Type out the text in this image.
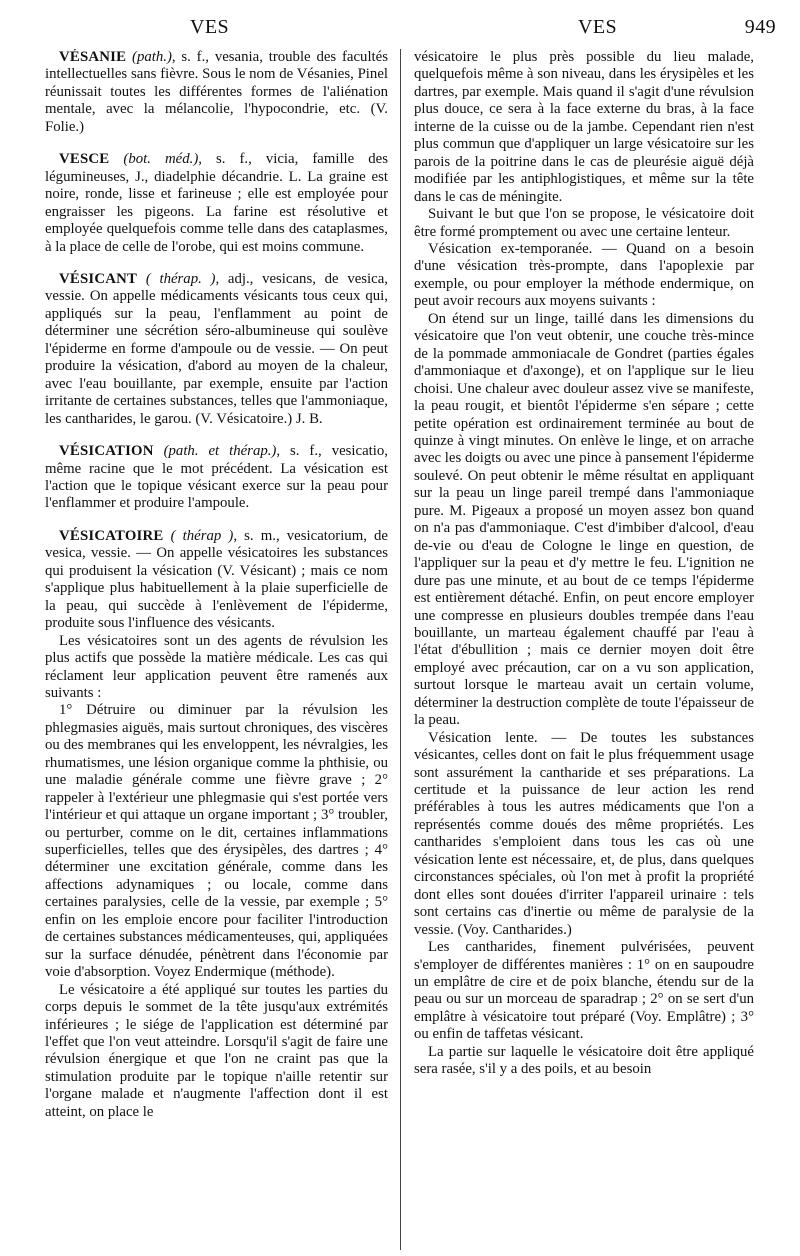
VES	VES	949

VÉSANIE (path.), s. f., vesania, trouble des facultés intellectuelles sans fièvre. Sous le nom de Vésanies, Pinel réunissait toutes les différentes formes de l'aliénation mentale, avec la mélancolie, l'hypocondrie, etc. (V. Folie.)

VESCE (bot. méd.), s. f., vicia, famille des légumineuses, J., diadelphie décandrie. L. La graine est noire, ronde, lisse et farineuse ; elle est employée pour engraisser les pigeons. La farine est résolutive et employée quelquefois comme telle dans des cataplasmes, à la place de celle de l'orobe, qui est moins commune.

VÉSICANT ( thérap. ), adj., vesicans, de vesica, vessie. On appelle médicaments vésicants tous ceux qui, appliqués sur la peau, l'enflamment au point de déterminer une sécrétion séro-albumineuse qui soulève l'épiderme en forme d'ampoule ou de vessie. — On peut produire la vésication, d'abord au moyen de la chaleur, avec l'eau bouillante, par exemple, ensuite par l'action irritante de certaines substances, telles que l'ammoniaque, les cantharides, le garou. (V. Vésicatoire.) J. B.

VÉSICATION (path. et thérap.), s. f., vesicatio, même racine que le mot précédent. La vésication est l'action que le topique vésicant exerce sur la peau pour l'enflammer et produire l'ampoule.

VÉSICATOIRE ( thérap ), s. m., vesicatorium, de vesica, vessie. — On appelle vésicatoires les substances qui produisent la vésication (V. Vésicant) ; mais ce nom s'applique plus habituellement à la plaie superficielle de la peau, qui succède à l'enlèvement de l'épiderme, produite sous l'influence des vésicants.

Les vésicatoires sont un des agents de révulsion les plus actifs que possède la matière médicale. Les cas qui réclament leur application peuvent être ramenés aux suivants :

1° Détruire ou diminuer par la révulsion les phlegmasies aiguës, mais surtout chroniques, des viscères ou des membranes qui les enveloppent, les névralgies, les rhumatismes, une lésion organique comme la phthisie, ou une maladie générale comme une fièvre grave ; 2° rappeler à l'extérieur une phlegmasie qui s'est portée vers l'intérieur et qui attaque un organe important ; 3° troubler, ou perturber, comme on le dit, certaines inflammations superficielles, telles que des érysipèles, des dartres ; 4° déterminer une excitation générale, comme dans les affections adynamiques ; ou locale, comme dans certaines paralysies, celle de la vessie, par exemple ; 5° enfin on les emploie encore pour faciliter l'introduction de certaines substances médicamenteuses, qui, appliquées sur la surface dénudée, pénètrent dans l'économie par voie d'absorption. Voyez Endermique (méthode).

Le vésicatoire a été appliqué sur toutes les parties du corps depuis le sommet de la tête jusqu'aux extrémités inférieures ; le siége de l'application est déterminé par l'effet que l'on veut atteindre. Lorsqu'il s'agit de faire une révulsion énergique et que l'on ne craint pas que la stimulation produite par le topique n'aille retentir sur l'organe malade et n'augmente l'affection dont il est atteint, on place le

vésicatoire le plus près possible du lieu malade, quelquefois même à son niveau, dans les érysipèles et les dartres, par exemple. Mais quand il s'agit d'une révulsion plus douce, ce sera à la face externe du bras, à la face interne de la cuisse ou de la jambe. Cependant rien n'est plus commun que d'appliquer un large vésicatoire sur les parois de la poitrine dans le cas de pleurésie aiguë déjà modifiée par les antiphlogistiques, et même sur la tête dans le cas de méningite.

Suivant le but que l'on se propose, le vésicatoire doit être formé promptement ou avec une certaine lenteur.

Vésication ex-temporanée. — Quand on a besoin d'une vésication très-prompte, dans l'apoplexie par exemple, ou pour employer la méthode endermique, on peut avoir recours aux moyens suivants :

On étend sur un linge, taillé dans les dimensions du vésicatoire que l'on veut obtenir, une couche très-mince de la pommade ammoniacale de Gondret (parties égales d'ammoniaque et d'axonge), et on l'applique sur le lieu choisi. Une chaleur avec douleur assez vive se manifeste, la peau rougit, et bientôt l'épiderme s'en sépare ; cette petite opération est ordinairement terminée au bout de quinze à vingt minutes. On enlève le linge, et on arrache avec les doigts ou avec une pince à pansement l'épiderme soulevé. On peut obtenir le même résultat en appliquant sur la peau un linge pareil trempé dans l'ammoniaque pure. M. Pigeaux a proposé un moyen assez bon quand on n'a pas d'ammoniaque. C'est d'imbiber d'alcool, d'eau de-vie ou d'eau de Cologne le linge en question, de l'appliquer sur la peau et d'y mettre le feu. L'ignition ne dure pas une minute, et au bout de ce temps l'épiderme est entièrement détaché. Enfin, on peut encore employer une compresse en plusieurs doubles trempée dans l'eau bouillante, un marteau également chauffé par l'eau à l'état d'ébullition ; mais ce dernier moyen doit être employé avec précaution, car on a vu son application, surtout lorsque le marteau avait un certain volume, déterminer la destruction complète de toute l'épaisseur de la peau.

Vésication lente. — De toutes les substances vésicantes, celles dont on fait le plus fréquemment usage sont assurément la cantharide et ses préparations. La certitude et la puissance de leur action les rend préférables à tous les autres médicaments que l'on a représentés comme doués des même propriétés. Les cantharides s'emploient dans tous les cas où une vésication lente est nécessaire, et, de plus, dans quelques circonstances spéciales, où l'on met à profit la propriété dont elles sont douées d'irriter l'appareil urinaire : tels sont certains cas d'inertie ou même de paralysie de la vessie. (Voy. Cantharides.)

Les cantharides, finement pulvérisées, peuvent s'employer de différentes manières : 1° on en saupoudre un emplâtre de cire et de poix blanche, étendu sur de la peau ou sur un morceau de sparadrap ; 2° on se sert d'un emplâtre à vésicatoire tout préparé (Voy. Emplâtre) ; 3° ou enfin de taffetas vésicant.

La partie sur laquelle le vésicatoire doit être appliqué sera rasée, s'il y a des poils, et au besoin
